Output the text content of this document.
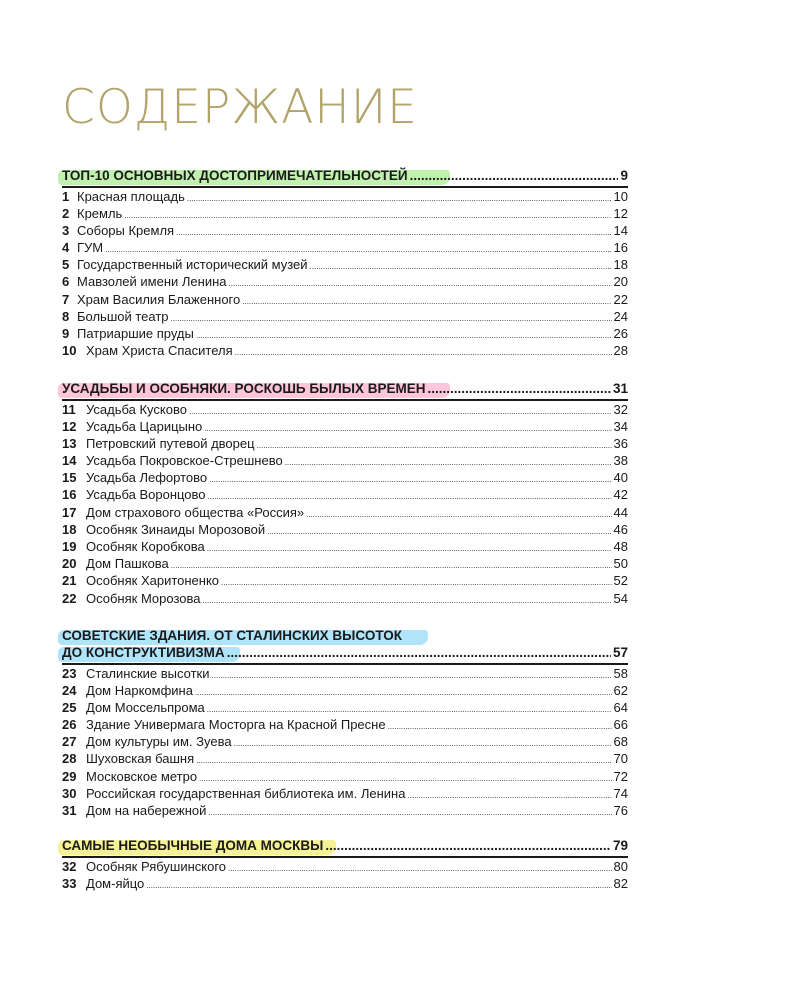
СОДЕРЖАНИЕ
ТОП-10 ОСНОВНЫХ ДОСТОПРИМЕЧАТЕЛЬНОСТЕЙ .....	9
1 Красная площадь .....	10
2 Кремль .....	12
3 Соборы Кремля .....	14
4 ГУМ .....	16
5 Государственный исторический музей .....	18
6 Мавзолей имени Ленина .....	20
7 Храм Василия Блаженного .....	22
8 Большой театр .....	24
9 Патриаршие пруды .....	26
10 Храм Христа Спасителя .....	28
УСАДЬБЫ И ОСОБНЯКИ. РОСКОШЬ БЫЛЫХ ВРЕМЕН .....	31
11 Усадьба Кусково .....	32
12 Усадьба Царицыно .....	34
13 Петровский путевой дворец .....	36
14 Усадьба Покровское-Стрешнево .....	38
15 Усадьба Лефортово .....	40
16 Усадьба Воронцово .....	42
17 Дом страхового общества «Россия» .....	44
18 Особняк Зинаиды Морозовой .....	46
19 Особняк Коробкова .....	48
20 Дом Пашкова .....	50
21 Особняк Харитоненко .....	52
22 Особняк Морозова .....	54
СОВЕТСКИЕ ЗДАНИЯ. ОТ СТАЛИНСКИХ ВЫСОТОК
ДО КОНСТРУКТИВИЗМА .....	57
23 Сталинские высотки .....	58
24 Дом Наркомфина .....	62
25 Дом Моссельпрома .....	64
26 Здание Универмага Мосторга на Красной Пресне .....	66
27 Дом культуры им. Зуева .....	68
28 Шуховская башня .....	70
29 Московское метро .....	72
30 Российская государственная библиотека им. Ленина .....	74
31 Дом на набережной .....	76
САМЫЕ НЕОБЫЧНЫЕ ДОМА МОСКВЫ .....	79
32 Особняк Рябушинского .....	80
33 Дом-яйцо .....	82
